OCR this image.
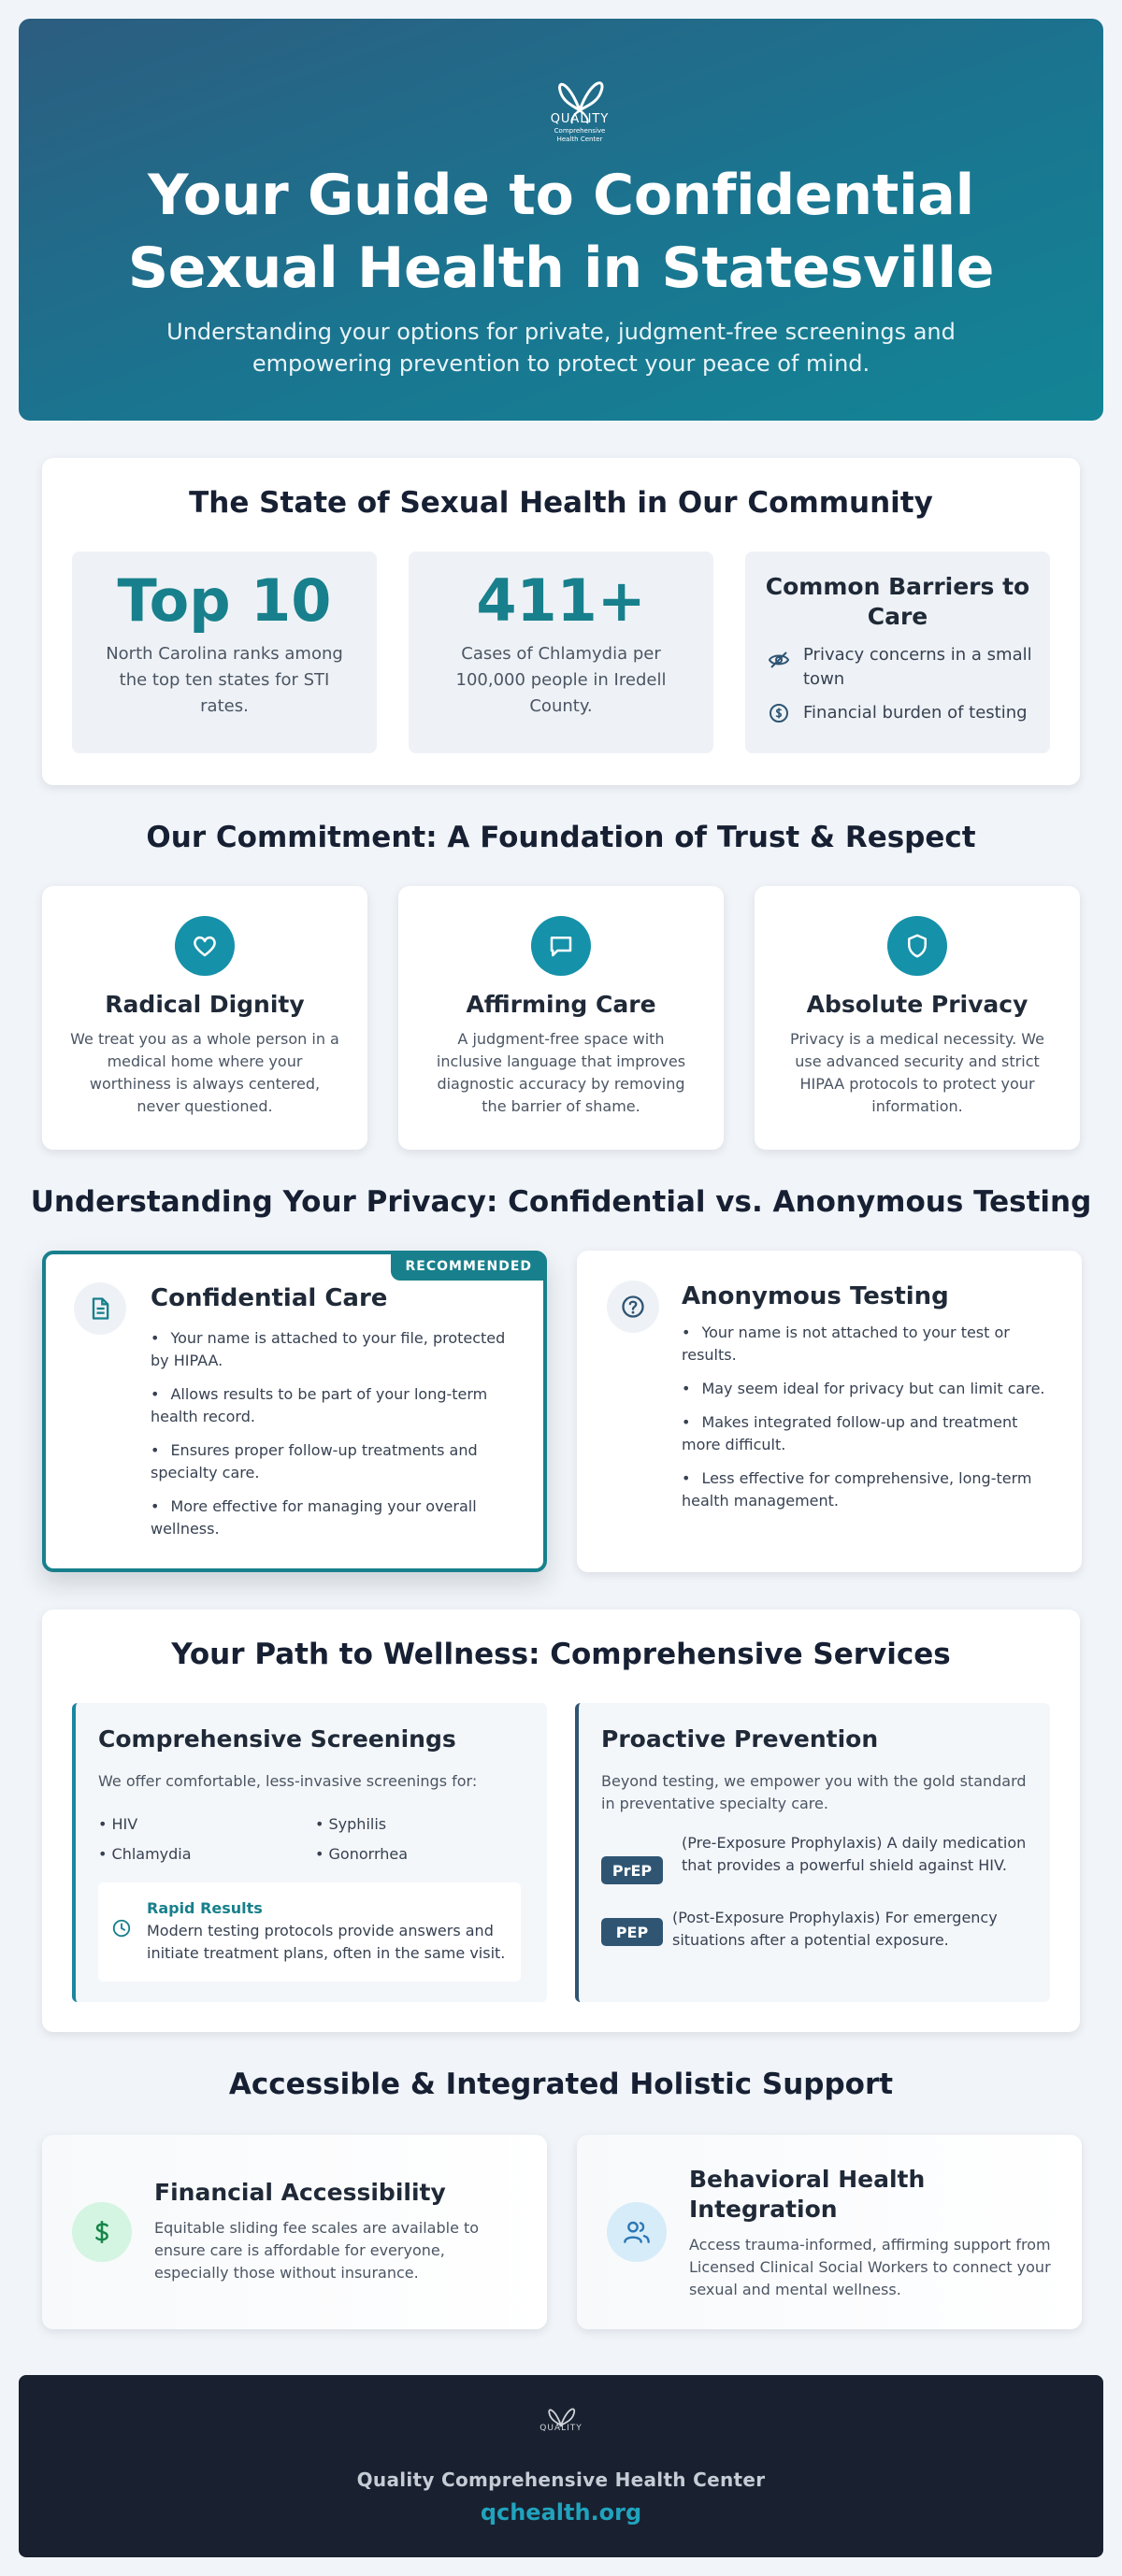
QUALITY
Comprehensive
Health Center
Your Guide to Confidential
Sexual Health in Statesville

Understanding your options for private, judgment-free screenings and empowering prevention to protect your peace of mind.

The State of Sexual Health in Our Community
Top 10
North Carolina ranks among the top ten states for STI rates.
411+
Cases of Chlamydia per 100,000 people in Iredell County.
Common Barriers to Care
Privacy concerns in a small town
Financial burden of testing
Our Commitment: A Foundation of Trust & Respect
Radical Dignity

We treat you as a whole person in a medical home where your worthiness is always centered, never questioned.

Affirming Care

A judgment-free space with inclusive language that improves diagnostic accuracy by removing the barrier of shame.

Absolute Privacy

Privacy is a medical necessity. We use advanced security and strict HIPAA protocols to protect your information.

Understanding Your Privacy: Confidential vs. Anonymous Testing
RECOMMENDED
Confidential Care
• Your name is attached to your file, protected by HIPAA.
• Allows results to be part of your long-term health record.
• Ensures proper follow-up treatments and specialty care.
• More effective for managing your overall wellness.
Anonymous Testing
• Your name is not attached to your test or results.
• May seem ideal for privacy but can limit care.
• Makes integrated follow-up and treatment more difficult.
• Less effective for comprehensive, long-term health management.
Your Path to Wellness: Comprehensive Services
Comprehensive Screenings
We offer comfortable, less-invasive screenings for:
• HIV	• Syphilis
• Chlamydia	• Gonorrhea
Rapid Results
Modern testing protocols provide answers and initiate treatment plans, often in the same visit.
Proactive Prevention
Beyond testing, we empower you with the gold standard in preventative specialty care.
PrEP
(Pre-Exposure Prophylaxis) A daily medication that provides a powerful shield against HIV.
PEP
(Post-Exposure Prophylaxis) For emergency situations after a potential exposure.
Accessible & Integrated Holistic Support
Financial Accessibility

Equitable sliding fee scales are available to ensure care is affordable for everyone, especially those without insurance.

Behavioral Health Integration

Access trauma-informed, affirming support from Licensed Clinical Social Workers to connect your sexual and mental wellness.

QUALITY
Quality Comprehensive Health Center
qchealth.org
